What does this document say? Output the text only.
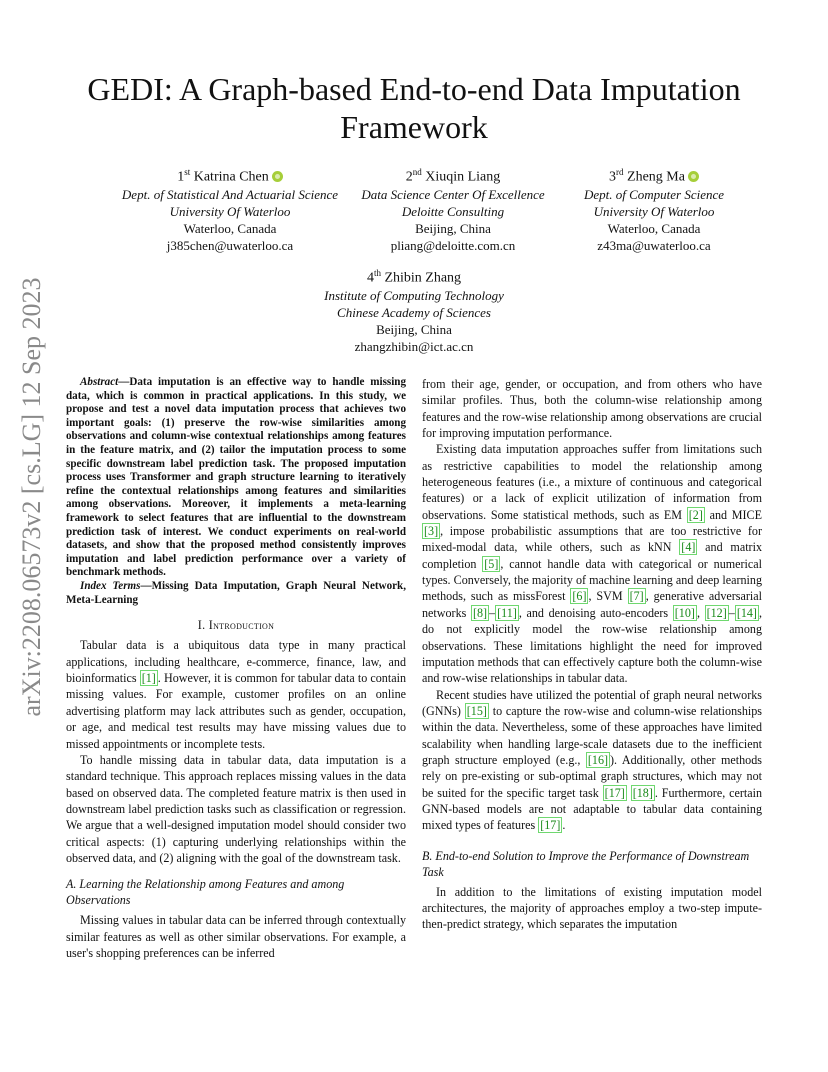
arXiv:2208.06573v2 [cs.LG] 12 Sep 2023
GEDI: A Graph-based End-to-end Data Imputation Framework
1st Katrina Chen
Dept. of Statistical And Actuarial Science
University Of Waterloo
Waterloo, Canada
j385chen@uwaterloo.ca
2nd Xiuqin Liang
Data Science Center Of Excellence
Deloitte Consulting
Beijing, China
pliang@deloitte.com.cn
3rd Zheng Ma
Dept. of Computer Science
University Of Waterloo
Waterloo, Canada
z43ma@uwaterloo.ca
4th Zhibin Zhang
Institute of Computing Technology
Chinese Academy of Sciences
Beijing, China
zhangzhibin@ict.ac.cn

Abstract—Data imputation is an effective way to handle missing data, which is common in practical applications. In this study, we propose and test a novel data imputation process that achieves two important goals: (1) preserve the row-wise similarities among observations and column-wise contextual relationships among features in the feature matrix, and (2) tailor the imputation process to some specific downstream label prediction task. The proposed imputation process uses Transformer and graph structure learning to iteratively refine the contextual relationships among features and similarities among observations. Moreover, it implements a meta-learning framework to select features that are influential to the downstream prediction task of interest. We conduct experiments on real-world datasets, and show that the proposed method consistently improves imputation and label prediction performance over a variety of benchmark methods.

Index Terms—Missing Data Imputation, Graph Neural Network, Meta-Learning

I. Introduction

Tabular data is a ubiquitous data type in many practical applications, including healthcare, e-commerce, finance, law, and bioinformatics [1] . However, it is common for tabular data to contain missing values. For example, customer profiles on an online advertising platform may lack attributes such as gender, occupation, or age, and medical test results may have missing values due to missed appointments or incomplete tests.

To handle missing data in tabular data, data imputation is a standard technique. This approach replaces missing values in the data based on observed data. The completed feature matrix is then used in downstream label prediction tasks such as classification or regression. We argue that a well-designed imputation model should consider two critical aspects: (1) capturing underlying relationships within the observed data, and (2) aligning with the goal of the downstream task.

A. Learning the Relationship among Features and among Observations

Missing values in tabular data can be inferred through contextually similar features as well as other similar observations. For example, a user's shopping preferences can be inferred

from their age, gender, or occupation, and from others who have similar profiles. Thus, both the column-wise relationship among features and the row-wise relationship among observations are crucial for improving imputation performance.

Existing data imputation approaches suffer from limitations such as restrictive capabilities to model the relationship among heterogeneous features (i.e., a mixture of continuous and categorical features) or a lack of explicit utilization of information from observations. Some statistical methods, such as EM [2] and MICE [3] , impose probabilistic assumptions that are too restrictive for mixed-modal data, while others, such as kNN [4] and matrix completion [5] , cannot handle data with categorical or numerical types. Conversely, the majority of machine learning and deep learning methods, such as missForest [6] , SVM [7] , generative adversarial networks [8] – [11] , and denoising auto-encoders [10] , [12] – [14] , do not explicitly model the row-wise relationship among observations. These limitations highlight the need for improved imputation methods that can effectively capture both the column-wise and row-wise relationships in tabular data.

Recent studies have utilized the potential of graph neural networks (GNNs) [15] to capture the row-wise and column-wise relationships within the data. Nevertheless, some of these approaches have limited scalability when handling large-scale datasets due to the inefficient graph structure employed (e.g., [16] ). Additionally, other methods rely on pre-existing or sub-optimal graph structures, which may not be suited for the specific target task [17] [18] . Furthermore, certain GNN-based models are not adaptable to tabular data containing mixed types of features [17] .

B. End-to-end Solution to Improve the Performance of Downstream Task

In addition to the limitations of existing imputation model architectures, the majority of approaches employ a two-step impute-then-predict strategy, which separates the imputation
